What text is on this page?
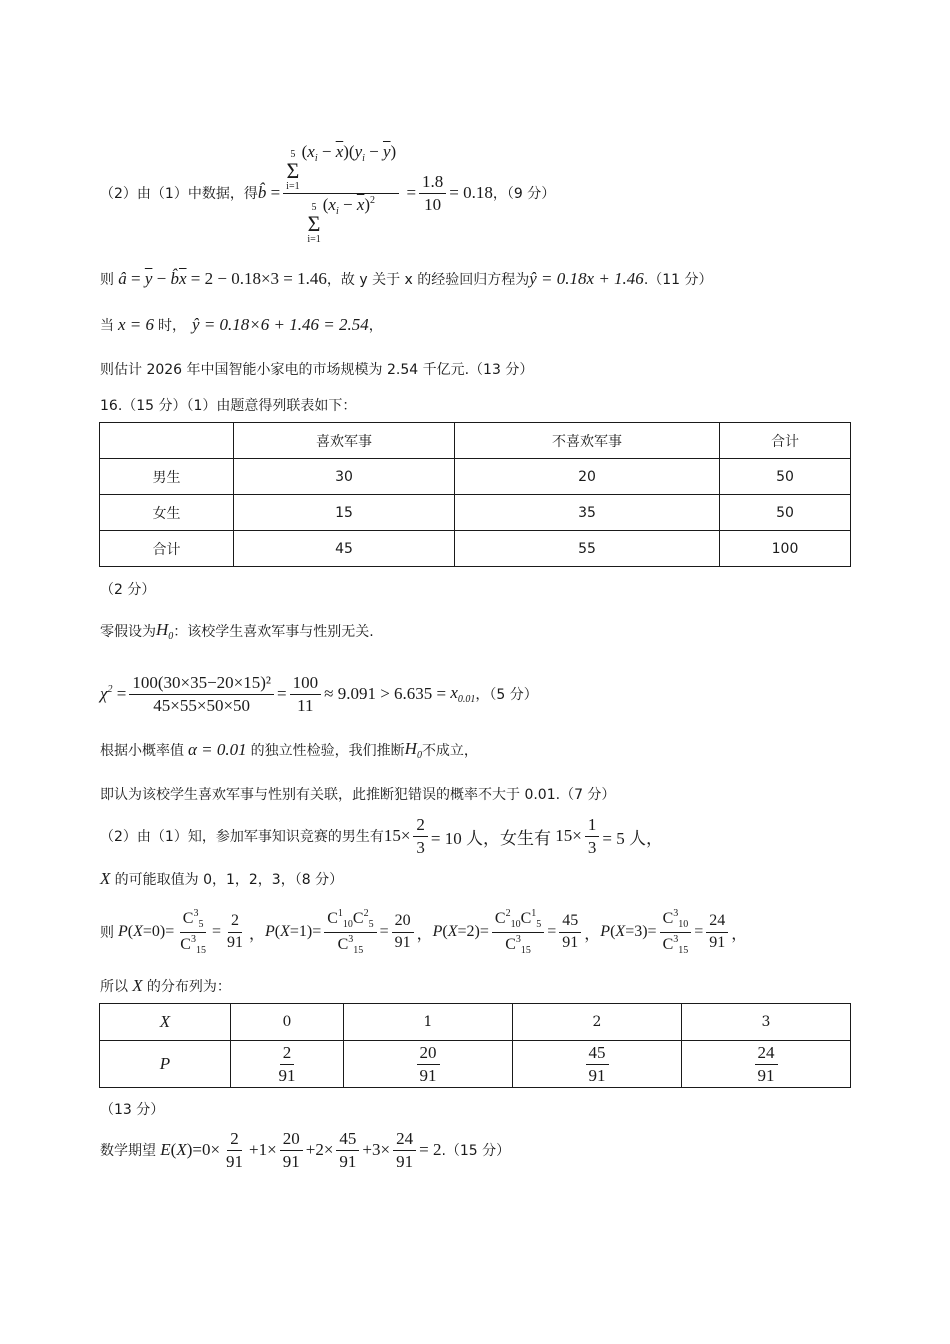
（2）由（1）中数据，得 b̂ = 5
Σ
i=1
$(x_i - \overline{x})(y_i - \overline{y})$
5
Σ
i=1
$(x_i - \overline{x})^2 = \frac{1.8}{10} = 0.18$ ，（9 分）
则 â = $\overline{y}$ − $b̂\overline{x} = 2 - 0.18\times 3 = 1.46$ ，故 y 关于 x 的经验回归方程为 ŷ = 0.18x + 1.46 .（11 分）
当 x = 6 时， ŷ = 0.18×6 + 1.46 = 2.54 ，
则估计 2026 年中国智能小家电的市场规模为 2.54 千亿元.（13 分）
16.（15 分）（1）由题意得列联表如下：
	喜欢军事	不喜欢军事	合计
男生	30	20	50
女生	15	35	50
合计	45	55	100
（2 分）
零假设为 $H_0$ ：该校学生喜欢军事与性别无关.
$\chi^2 = \frac{\text{100(30×35−20×15)²}}{45\times 55\times 50\times 50} = \frac{100}{11} \approx 9.091 > 6.635 = x_{0.01}$ ，（5 分）
根据小概率值 α = 0.01 的独立性检验，我们推断 $H_0$ 不成立，
即认为该校学生喜欢军事与性别有关联，此推断犯错误的概率不大于 0.01.（7 分）
（2）由（1）知，参加军事知识竞赛的男生有 $15\times \frac{2}{3} = 10$ 人，女生有 $15\times \frac{1}{3} = 5$ 人，
X 的可能取值为 0，1，2，3，（8 分）
则 P ( $X =0)= \frac{C^3_5}{C^3_{15}} = \frac{2}{91}$ ， P ( $X =1)= \frac{C^1_{10}C^2_5}{C^3_{15}} = \frac{20}{91}$ ， P ( $X =2)= \frac{C^2_{10}C^1_5}{C^3_{15}} = \frac{45}{91}$ ， P ( $X =3)= \frac{C^3_{10}}{C^3_{15}} = \frac{24}{91}$ ，
所以 X 的分布列为：
X	0	1	2	3
P	$\frac{2}{91}$	$\frac{20}{91}$	$\frac{45}{91}$	$\frac{24}{91}$
（13 分）
数学期望 E ( X )$=0\times \frac{2}{91} +1\times \frac{20}{91} +2\times \frac{45}{91} +3\times \frac{24}{91} = 2$ .（15 分）
